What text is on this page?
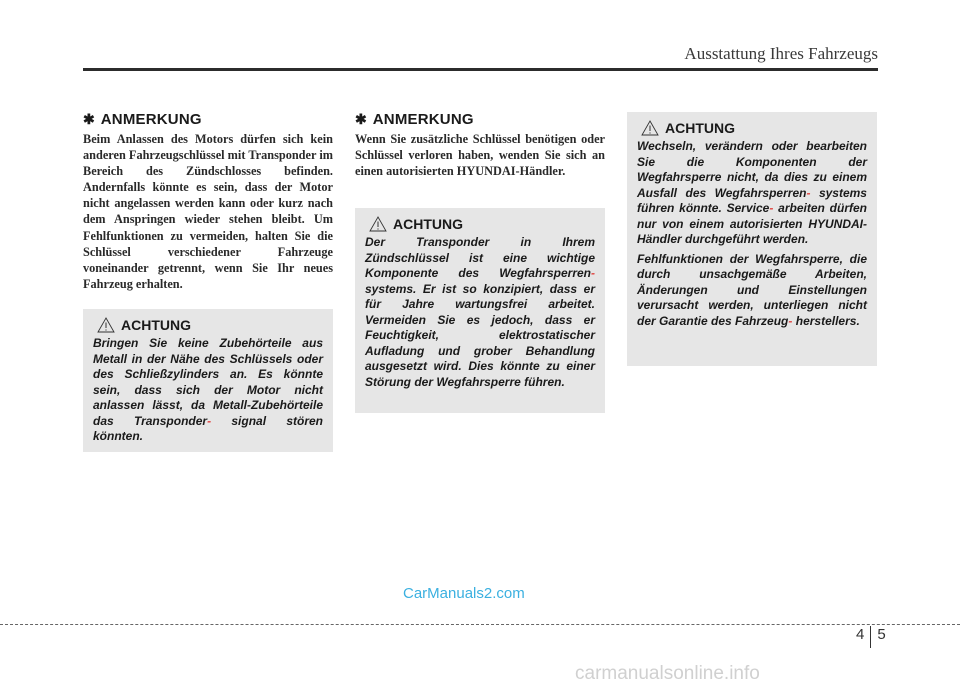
Ausstattung Ihres Fahrzeugs
✱ ANMERKUNG
Beim Anlassen des Motors dürfen sich kein anderen Fahrzeugschlüssel mit Transponder im Bereich des Zündschlosses befinden. Andernfalls könnte es sein, dass der Motor nicht angelassen werden kann oder kurz nach dem Anspringen wieder stehen bleibt. Um Fehlfunktionen zu vermeiden, halten Sie die Schlüssel verschiedener Fahrzeuge voneinander getrennt, wenn Sie Ihr neues Fahrzeug erhalten.
ACHTUNG

Bringen Sie keine Zubehörteile aus Metall in der Nähe des Schlüssels oder des Schließzylinders an. Es könnte sein, dass sich der Motor nicht anlassen lässt, da Metall-Zubehörteile das Transponder- signal stören könnten.

✱ ANMERKUNG
Wenn Sie zusätzliche Schlüssel benötigen oder Schlüssel verloren haben, wenden Sie sich an einen autorisierten HYUNDAI-Händler.
ACHTUNG

Der Transponder in Ihrem Zündschlüssel ist eine wichtige Komponente des Wegfahrsperren- systems. Er ist so konzipiert, dass er für Jahre wartungsfrei arbeitet. Vermeiden Sie es jedoch, dass er Feuchtigkeit, elektrostatischer Aufladung und grober Behandlung ausgesetzt wird. Dies könnte zu einer Störung der Wegfahrsperre führen.

ACHTUNG

Wechseln, verändern oder bearbeiten Sie die Komponenten der Wegfahrsperre nicht, da dies zu einem Ausfall des Wegfahrsperren- systems führen könnte. Service- arbeiten dürfen nur von einem autorisierten HYUNDAI-Händler durchgeführt werden.

Fehlfunktionen der Wegfahrsperre, die durch unsachgemäße Arbeiten, Änderungen und Einstellungen verursacht werden, unterliegen nicht der Garantie des Fahrzeug- herstellers.

CarManuals2.com
4 5
carmanualsonline.info
